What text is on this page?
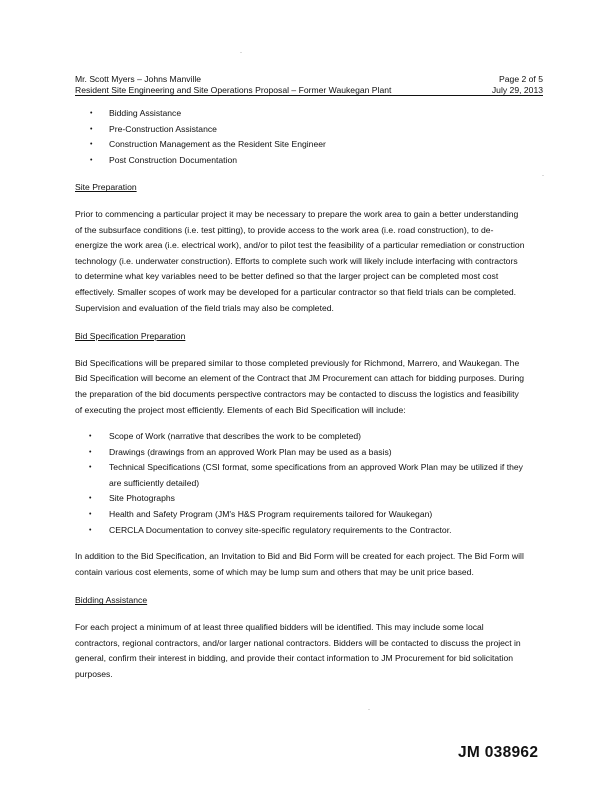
Mr. Scott Myers – Johns Manville	Page 2 of 5
Resident Site Engineering and Site Operations Proposal – Former Waukegan Plant	July 29, 2013
• Bidding Assistance
• Pre-Construction Assistance
• Construction Management as the Resident Site Engineer
• Post Construction Documentation
Site Preparation

Prior to commencing a particular project it may be necessary to prepare the work area to gain a better understanding of the subsurface conditions (i.e. test pitting), to provide access to the work area (i.e. road construction), to de-energize the work area (i.e. electrical work), and/or to pilot test the feasibility of a particular remediation or construction technology (i.e. underwater construction). Efforts to complete such work will likely include interfacing with contractors to determine what key variables need to be better defined so that the larger project can be completed most cost effectively. Smaller scopes of work may be developed for a particular contractor so that field trials can be completed. Supervision and evaluation of the field trials may also be completed.

Bid Specification Preparation

Bid Specifications will be prepared similar to those completed previously for Richmond, Marrero, and Waukegan. The Bid Specification will become an element of the Contract that JM Procurement can attach for bidding purposes. During the preparation of the bid documents perspective contractors may be contacted to discuss the logistics and feasibility of executing the project most efficiently. Elements of each Bid Specification will include:

• Scope of Work (narrative that describes the work to be completed)
• Drawings (drawings from an approved Work Plan may be used as a basis)
• Technical Specifications (CSI format, some specifications from an approved Work Plan may be utilized if they are sufficiently detailed)
• Site Photographs
• Health and Safety Program (JM's H&S Program requirements tailored for Waukegan)
• CERCLA Documentation to convey site-specific regulatory requirements to the Contractor.

In addition to the Bid Specification, an Invitation to Bid and Bid Form will be created for each project. The Bid Form will contain various cost elements, some of which may be lump sum and others that may be unit price based.

Bidding Assistance

For each project a minimum of at least three qualified bidders will be identified. This may include some local contractors, regional contractors, and/or larger national contractors. Bidders will be contacted to discuss the project in general, confirm their interest in bidding, and provide their contact information to JM Procurement for bid solicitation purposes.

·
·
·
JM 038962
